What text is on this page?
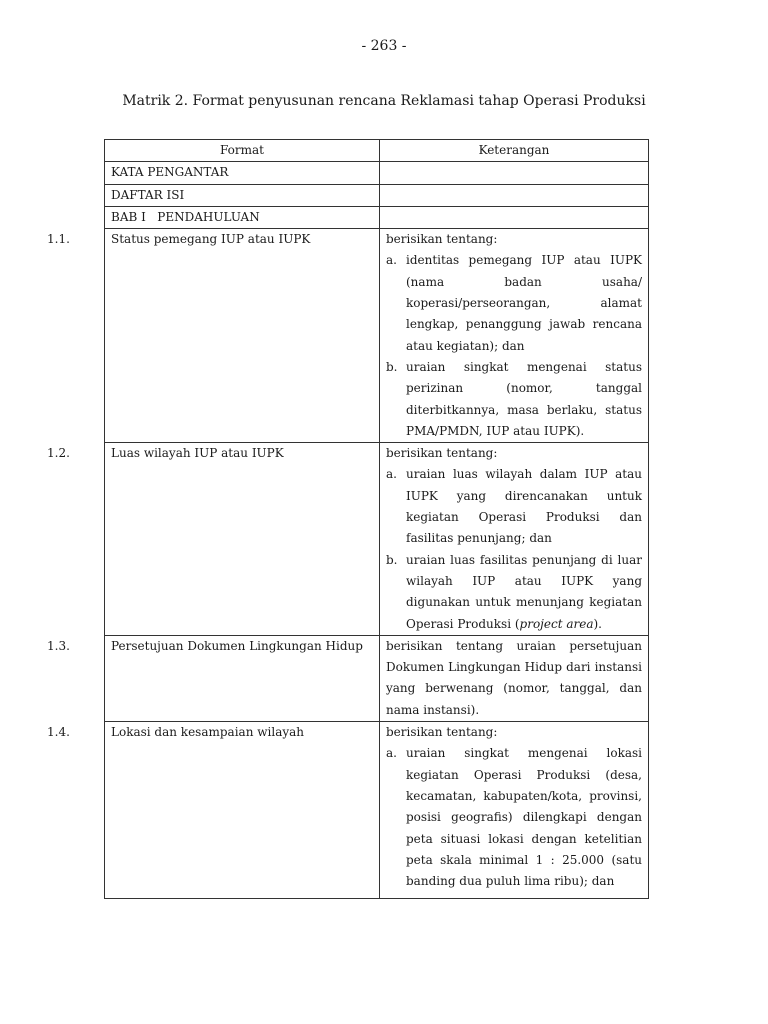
- 263 -
Matrik 2. Format penyusunan rencana Reklamasi tahap Operasi Produksi
Format	Keterangan
KATA PENGANTAR	
DAFTAR ISI	
BAB I   PENDAHULUAN	
1.1. Status pemegang IUP atau IUPK	berisikan tentang:
a. identitas pemegang IUP atau IUPK (nama badan usaha/ koperasi/perseorangan, alamat lengkap, penanggung jawab rencana atau kegiatan); dan
b. uraian singkat mengenai status perizinan (nomor, tanggal diterbitkannya, masa berlaku, status PMA/PMDN, IUP atau IUPK).

1.2. Luas wilayah IUP atau IUPK	berisikan tentang:
a. uraian luas wilayah dalam IUP atau IUPK yang direncanakan untuk kegiatan Operasi Produksi dan fasilitas penunjang; dan
b. uraian luas fasilitas penunjang di luar wilayah IUP atau IUPK yang digunakan untuk menunjang kegiatan Operasi Produksi (project area).

1.3. Persetujuan Dokumen Lingkungan Hidup	berisikan tentang uraian persetujuan Dokumen Lingkungan Hidup dari instansi yang berwenang (nomor, tanggal, dan nama instansi).

1.4. Lokasi dan kesampaian wilayah	berisikan tentang:
a. uraian singkat mengenai lokasi kegiatan Operasi Produksi (desa, kecamatan, kabupaten/kota, provinsi, posisi geografis) dilengkapi dengan peta situasi lokasi dengan ketelitian peta skala minimal 1 : 25.000 (satu banding dua puluh lima ribu); dan
